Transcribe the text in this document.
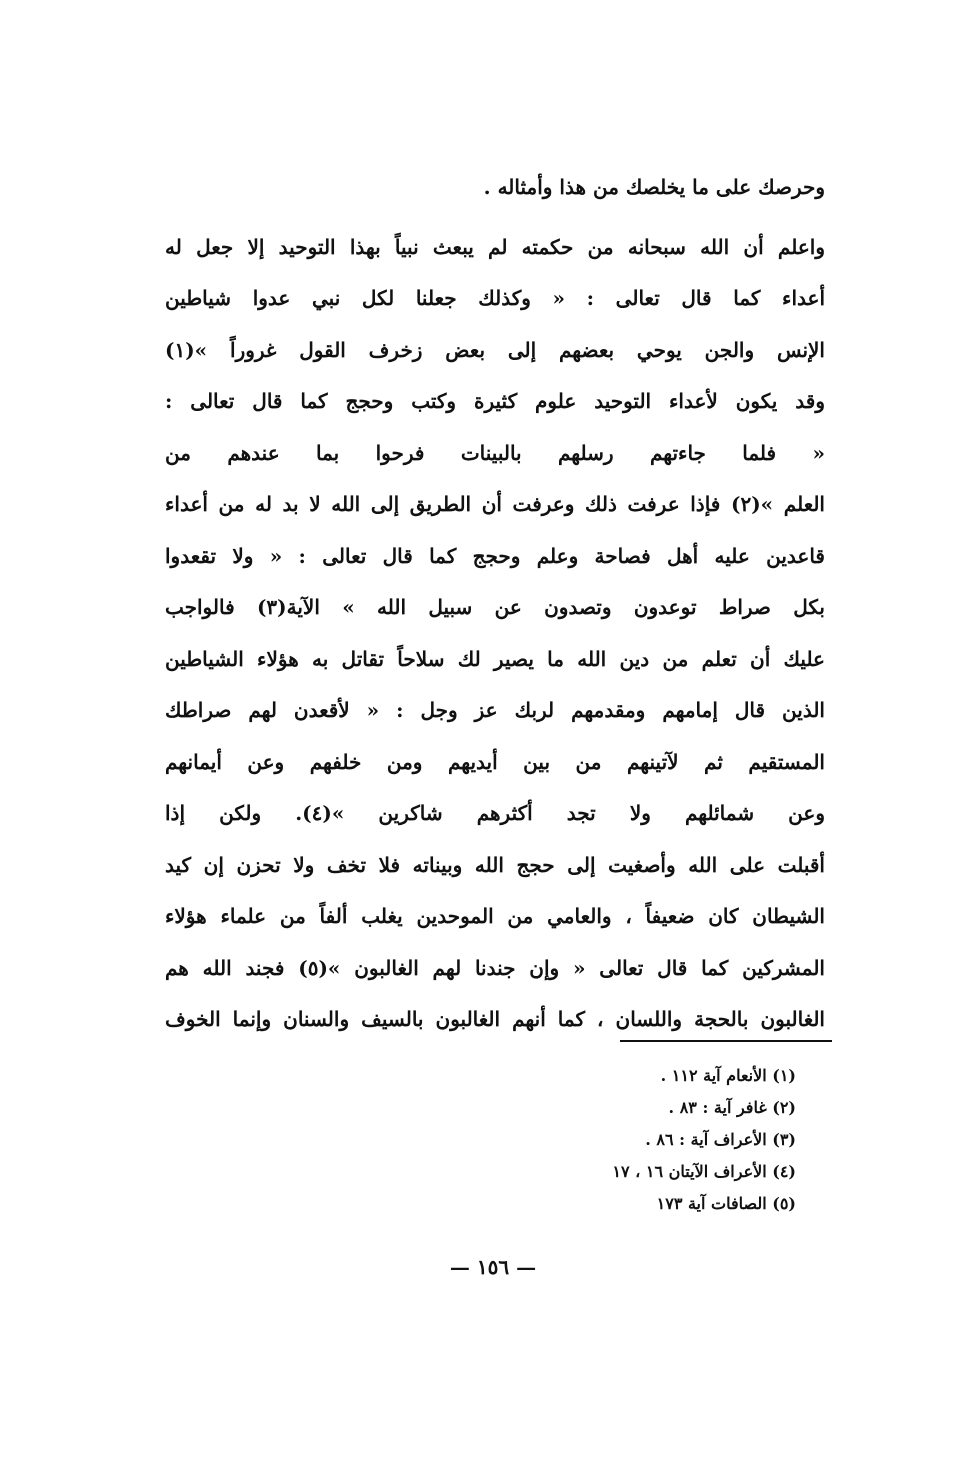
وحرصك على ما يخلصك من هذا وأمثاله .
واعلم أن الله سبحانه من حكمته لم يبعث نبياً بهذا التوحيد إلا جعل له
أعداء كما قال تعالى : « وكذلك جعلنا لكل نبي عدوا شياطين
الإنس والجن يوحي بعضهم إلى بعض زخرف القول غروراً »(١)
وقد يكون لأعداء التوحيد علوم كثيرة وكتب وحجج كما قال تعالى :
« فلما جاءتهم رسلهم بالبينات فرحوا بما عندهم من
العلم »(٢) فإذا عرفت ذلك وعرفت أن الطريق إلى الله لا بد له من أعداء
قاعدين عليه أهل فصاحة وعلم وحجج كما قال تعالى : « ولا تقعدوا
بكل صراط توعدون وتصدون عن سبيل الله » الآية(٣) فالواجب
عليك أن تعلم من دين الله ما يصير لك سلاحاً تقاتل به هؤلاء الشياطين
الذين قال إمامهم ومقدمهم لربك عز وجل : « لأقعدن لهم صراطك
المستقيم ثم لآتينهم من بين أيديهم ومن خلفهم وعن أيمانهم
وعن شمائلهم ولا تجد أكثرهم شاكرين »(٤). ولكن إذا
أقبلت على الله وأصغيت إلى حجج الله وبيناته فلا تخف ولا تحزن إن كيد
الشيطان كان ضعيفاً ، والعامي من الموحدين يغلب ألفاً من علماء هؤلاء
المشركين كما قال تعالى « وإن جندنا لهم الغالبون »(٥) فجند الله هم
الغالبون بالحجة واللسان ، كما أنهم الغالبون بالسيف والسنان وإنما الخوف
(١) الأنعام آية ١١٢ .
(٢) غافر آية : ٨٣ .
(٣) الأعراف آية : ٨٦ .
(٤) الأعراف الآيتان ١٦ ، ١٧
(٥) الصافات آية ١٧٣
— ١٥٦ —
